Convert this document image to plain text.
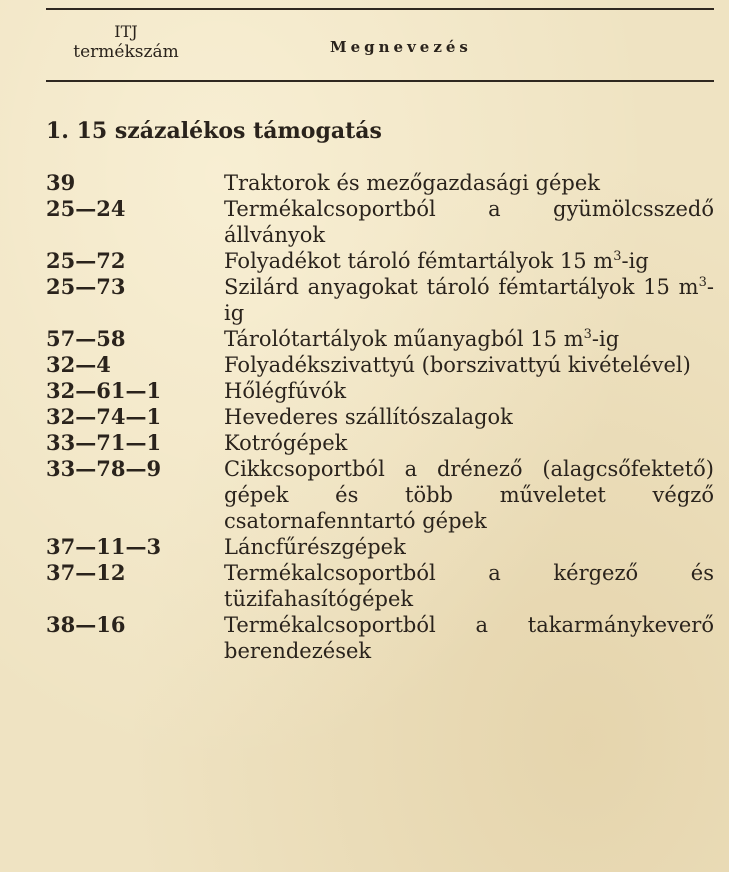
ITJ
termékszám	Megnevezés
1. 15 százalékos támogatás
39	Traktorok és mezőgazdasági gépek
25—24	Termékalcsoportból a gyümölcsszedő állványok
25—72	Folyadékot tároló fémtartályok 15 $m^3-ig$
25—73	Szilárd anyagokat tároló fémtartályok 15 $m^3-ig$
57—58	Tárolótartályok műanyagból 15 $m^3-ig$
32—4	Folyadékszivattyú (borszivattyú kivételével)
32—61—1	Hőlégfúvók
32—74—1	Hevederes szállítószalagok
33—71—1	Kotrógépek
33—78—9	Cikkcsoportból a drénező (alagcsőfektető) gépek és több műveletet végző csatornafenntartó gépek
37—11—3	Láncfűrészgépek
37—12	Termékalcsoportból a kérgező és tüzifahasítógépek
38—16	Termékalcsoportból a takarmánykeverő berendezések
